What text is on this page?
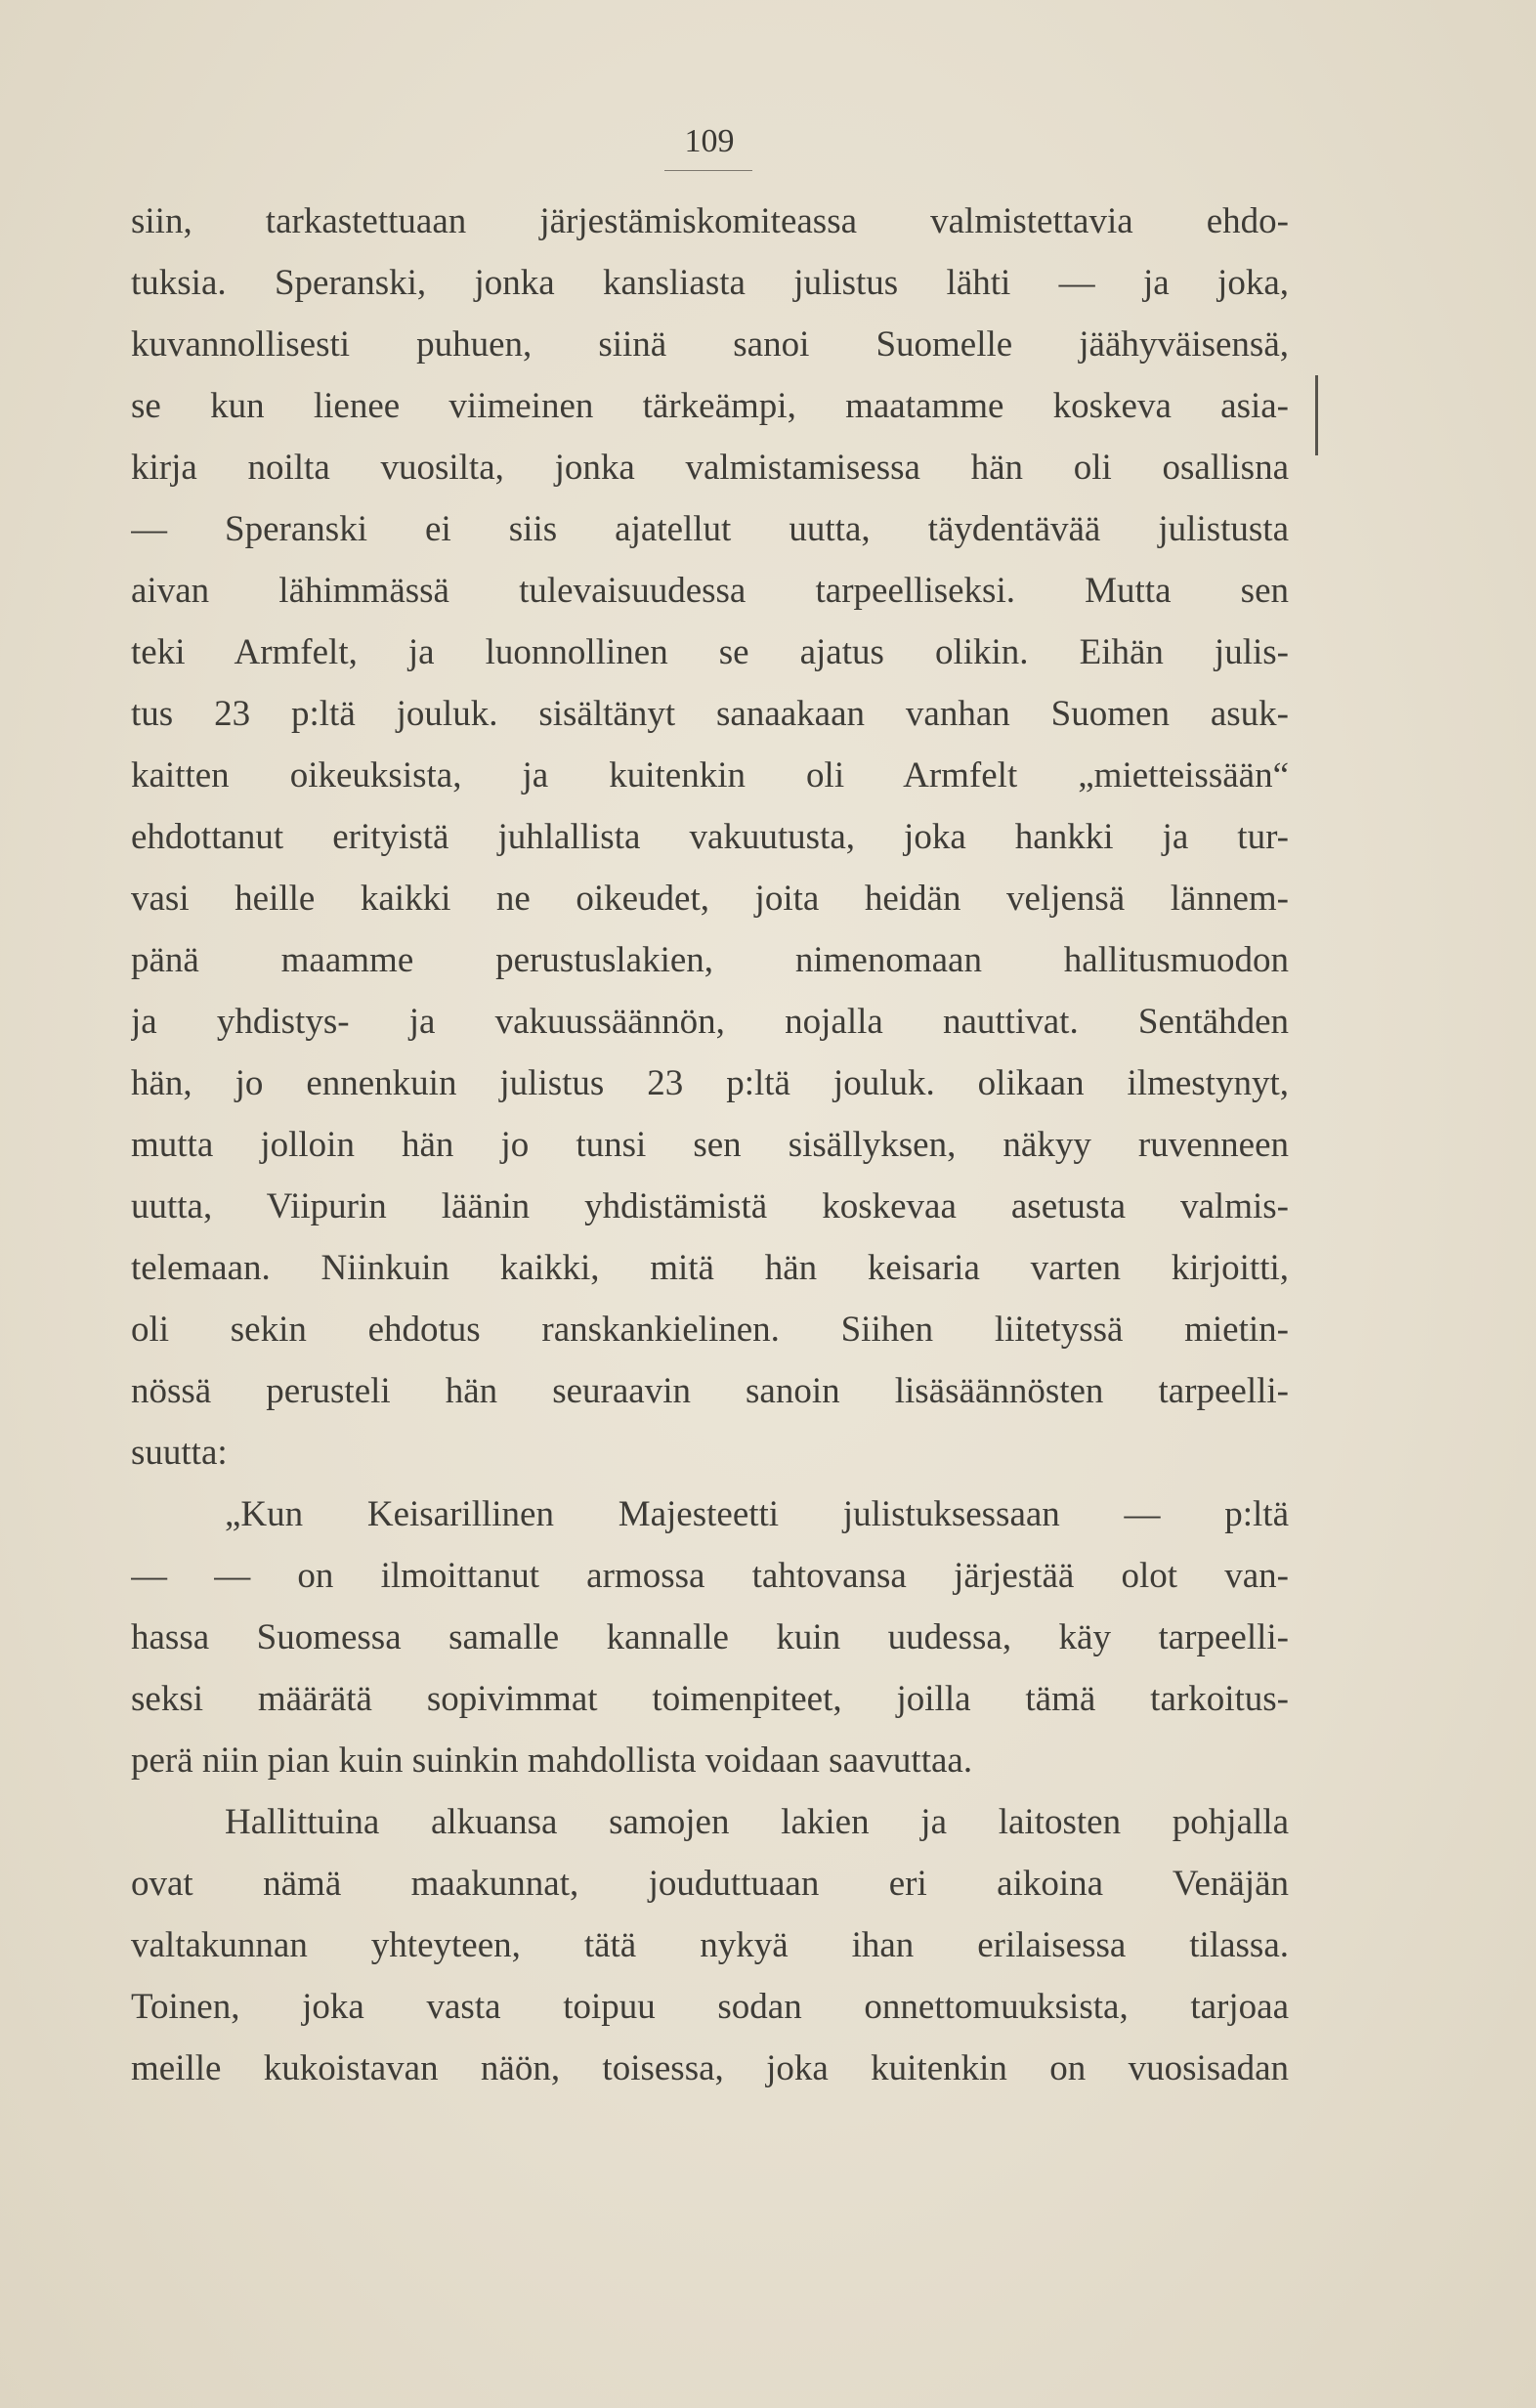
109
siin, tarkastettuaan järjestämiskomiteassa valmistettavia ehdo-
tuksia. Speranski, jonka kansliasta julistus lähti — ja joka,
kuvannollisesti puhuen, siinä sanoi Suomelle jäähyväisensä,
se kun lienee viimeinen tärkeämpi, maatamme koskeva asia-
kirja noilta vuosilta, jonka valmistamisessa hän oli osallisna
— Speranski ei siis ajatellut uutta, täydentävää julistusta
aivan lähimmässä tulevaisuudessa tarpeelliseksi. Mutta sen
teki Armfelt, ja luonnollinen se ajatus olikin. Eihän julis-
tus 23 p:ltä jouluk. sisältänyt sanaakaan vanhan Suomen asuk-
kaitten oikeuksista, ja kuitenkin oli Armfelt „mietteissään“
ehdottanut erityistä juhlallista vakuutusta, joka hankki ja tur-
vasi heille kaikki ne oikeudet, joita heidän veljensä lännem-
pänä maamme perustuslakien, nimenomaan hallitusmuodon
ja yhdistys- ja vakuussäännön, nojalla nauttivat. Sentähden
hän, jo ennenkuin julistus 23 p:ltä jouluk. olikaan ilmestynyt,
mutta jolloin hän jo tunsi sen sisällyksen, näkyy ruvenneen
uutta, Viipurin läänin yhdistämistä koskevaa asetusta valmis-
telemaan. Niinkuin kaikki, mitä hän keisaria varten kirjoitti,
oli sekin ehdotus ranskankielinen. Siihen liitetyssä mietin-
nössä perusteli hän seuraavin sanoin lisäsäännösten tarpeelli-
suutta:
„Kun Keisarillinen Majesteetti julistuksessaan — p:ltä
— — on ilmoittanut armossa tahtovansa järjestää olot van-
hassa Suomessa samalle kannalle kuin uudessa, käy tarpeelli-
seksi määrätä sopivimmat toimenpiteet, joilla tämä tarkoitus-
perä niin pian kuin suinkin mahdollista voidaan saavuttaa.
Hallittuina alkuansa samojen lakien ja laitosten pohjalla
ovat nämä maakunnat, jouduttuaan eri aikoina Venäjän
valtakunnan yhteyteen, tätä nykyä ihan erilaisessa tilassa.
Toinen, joka vasta toipuu sodan onnettomuuksista, tarjoaa
meille kukoistavan näön, toisessa, joka kuitenkin on vuosisadan
